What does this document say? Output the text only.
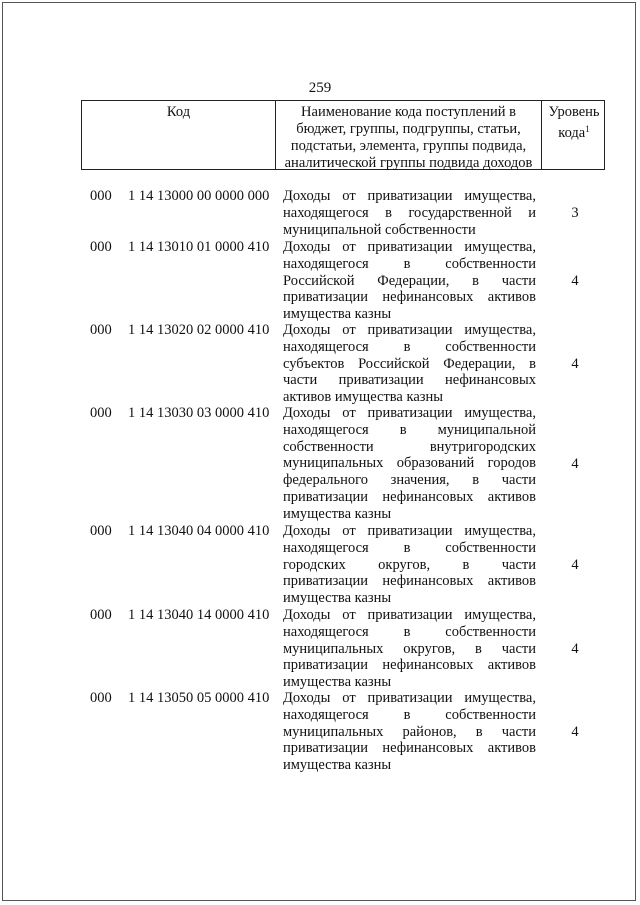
259
Код	Наименование кода поступлений в бюджет, группы, подгруппы, статьи, подстатьи, элемента, группы подвида, аналитической группы подвида доходов
Уровень кода$^1$
000 1 14 13000 00 0000 000 Доходы от приватизации имущества, находящегося в государственной и муниципальной собственности
3
000 1 14 13010 01 0000 410 Доходы от приватизации имущества, находящегося в собственности Российской Федерации, в части приватизации нефинансовых активов имущества казны
4
000 1 14 13020 02 0000 410 Доходы от приватизации имущества, находящегося в собственности субъектов Российской Федерации, в части приватизации нефинансовых активов имущества казны
4
000 1 14 13030 03 0000 410 Доходы от приватизации имущества, находящегося в муниципальной собственности внутригородских муниципальных образований городов федерального значения, в части приватизации нефинансовых активов имущества казны
4
000 1 14 13040 04 0000 410 Доходы от приватизации имущества, находящегося в собственности городских округов, в части приватизации нефинансовых активов имущества казны
4
000 1 14 13040 14 0000 410 Доходы от приватизации имущества, находящегося в собственности муниципальных округов, в части приватизации нефинансовых активов имущества казны
4
000 1 14 13050 05 0000 410 Доходы от приватизации имущества, находящегося в собственности муниципальных районов, в части приватизации нефинансовых активов имущества казны
4
